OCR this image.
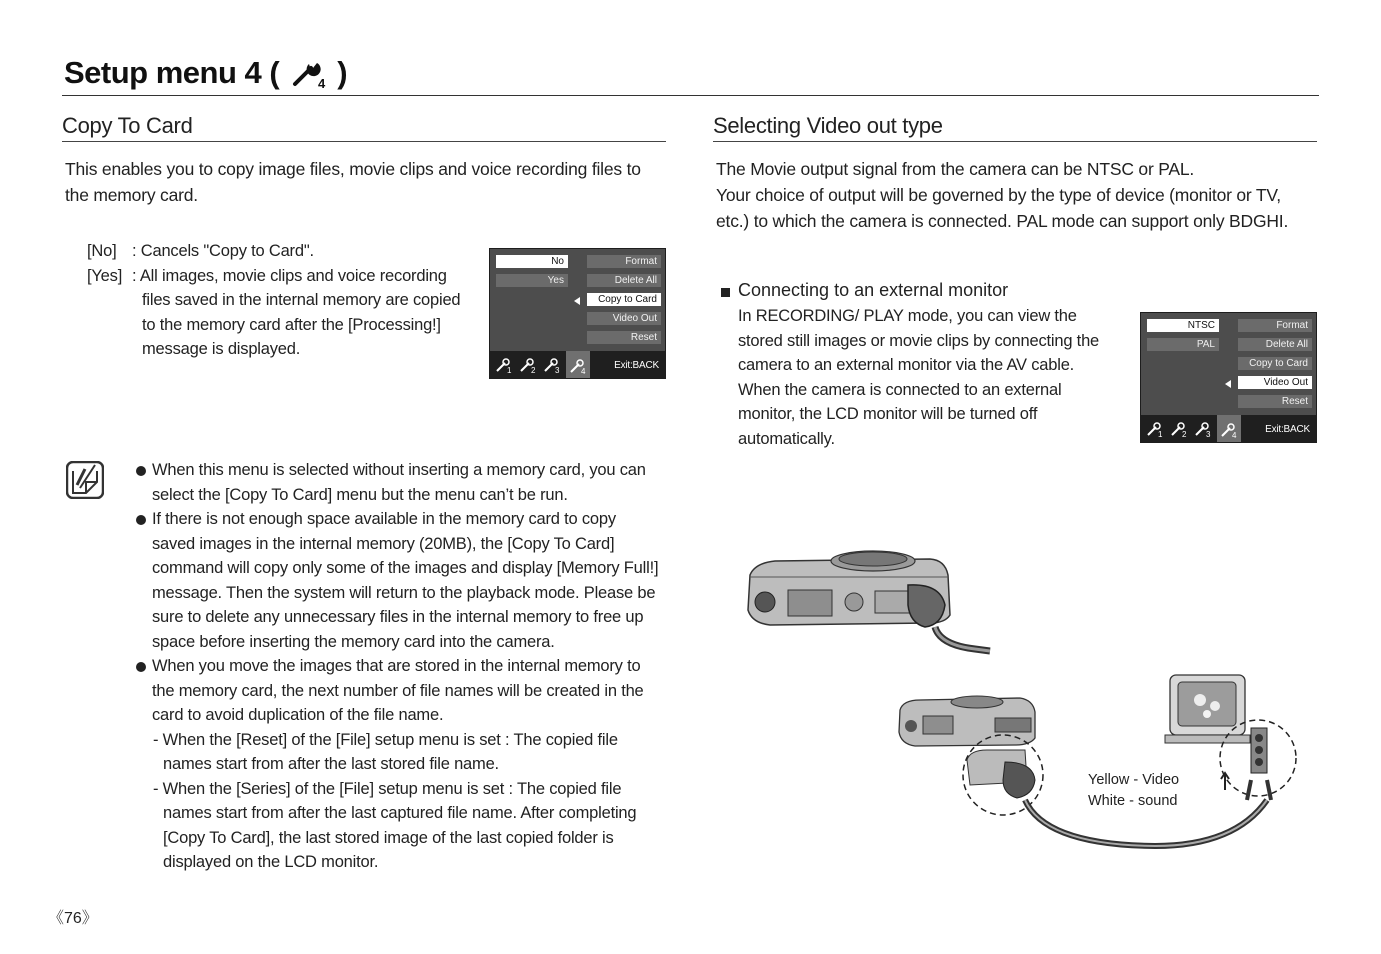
Setup menu 4 (	4 )
Copy To Card
This enables you to copy image files, movie clips and voice recording files to
the memory card.
[No] : Cancels "Copy to Card".
[Yes] : All images, movie clips and voice recording
files saved in the internal memory are copied
to the memory card after the [Processing!]
message is displayed.
No
Yes
Format
Delete All
Copy to Card
Video Out
Reset
1 2 3	4
Exit:BACK
When this menu is selected without inserting a memory card, you can
select the [Copy To Card] menu but the menu can’t be run.
If there is not enough space available in the memory card to copy
saved images in the internal memory (20MB), the [Copy To Card]
command will copy only some of the images and display [Memory Full!]
message. Then the system will return to the playback mode. Please be
sure to delete any unnecessary files in the internal memory to free up
space before inserting the memory card into the camera.
When you move the images that are stored in the internal memory to
the memory card, the next number of file names will be created in the
card to avoid duplication of the file name.
- When the [Reset] of the [File] setup menu is set : The copied file
names start from after the last stored file name.
- When the [Series] of the [File] setup menu is set : The copied file
names start from after the last captured file name. After completing
[Copy To Card], the last stored image of the last copied folder is
displayed on the LCD monitor.
Selecting Video out type
The Movie output signal from the camera can be NTSC or PAL.
Your choice of output will be governed by the type of device (monitor or TV,
etc.) to which the camera is connected. PAL mode can support only BDGHI.
Connecting to an external monitor
In RECORDING/ PLAY mode, you can view the
stored still images or movie clips by connecting the
camera to an external monitor via the AV cable.
When the camera is connected to an external
monitor, the LCD monitor will be turned off
automatically.
NTSC
PAL
Format
Delete All
Copy to Card
Video Out
Reset
1 2 3	4
Exit:BACK
Yellow - Video
White - sound
《76》
